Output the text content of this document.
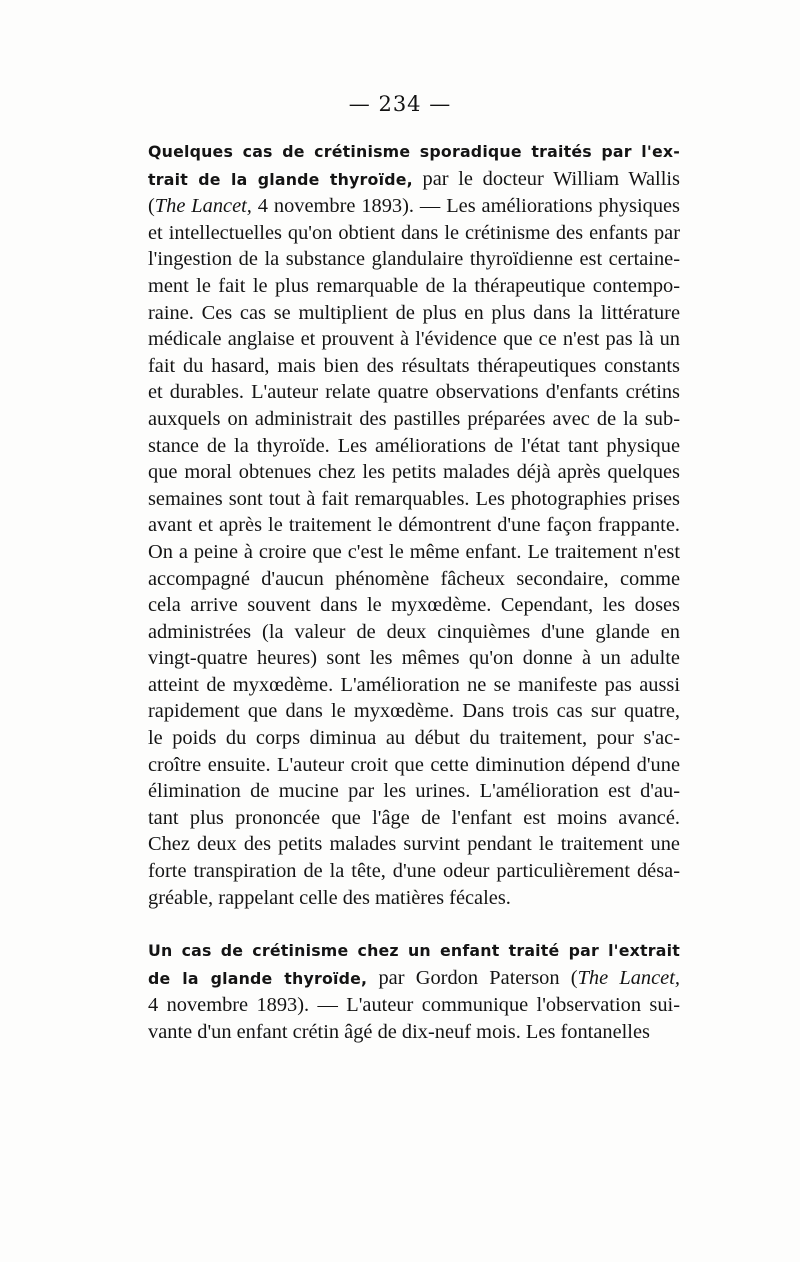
— 234 —
Quelques cas de crétinisme sporadique traités par l'ex-
trait de la glande thyroïde, par le docteur William Wallis
(The Lancet, 4 novembre 1893). — Les améliorations physiques
et intellectuelles qu'on obtient dans le crétinisme des enfants par
l'ingestion de la substance glandulaire thyroïdienne est certaine-
ment le fait le plus remarquable de la thérapeutique contempo-
raine. Ces cas se multiplient de plus en plus dans la littérature
médicale anglaise et prouvent à l'évidence que ce n'est pas là un
fait du hasard, mais bien des résultats thérapeutiques constants
et durables. L'auteur relate quatre observations d'enfants crétins
auxquels on administrait des pastilles préparées avec de la sub-
stance de la thyroïde. Les améliorations de l'état tant physique
que moral obtenues chez les petits malades déjà après quelques
semaines sont tout à fait remarquables. Les photographies prises
avant et après le traitement le démontrent d'une façon frappante.
On a peine à croire que c'est le même enfant. Le traitement n'est
accompagné d'aucun phénomène fâcheux secondaire, comme
cela arrive souvent dans le myxœdème. Cependant, les doses
administrées (la valeur de deux cinquièmes d'une glande en
vingt-quatre heures) sont les mêmes qu'on donne à un adulte
atteint de myxœdème. L'amélioration ne se manifeste pas aussi
rapidement que dans le myxœdème. Dans trois cas sur quatre,
le poids du corps diminua au début du traitement, pour s'ac-
croître ensuite. L'auteur croit que cette diminution dépend d'une
élimination de mucine par les urines. L'amélioration est d'au-
tant plus prononcée que l'âge de l'enfant est moins avancé.
Chez deux des petits malades survint pendant le traitement une
forte transpiration de la tête, d'une odeur particulièrement désa-
gréable, rappelant celle des matières fécales.
Un cas de crétinisme chez un enfant traité par l'extrait
de la glande thyroïde, par Gordon Paterson (The Lancet,
4 novembre 1893). — L'auteur communique l'observation sui-
vante d'un enfant crétin âgé de dix-neuf mois. Les fontanelles
